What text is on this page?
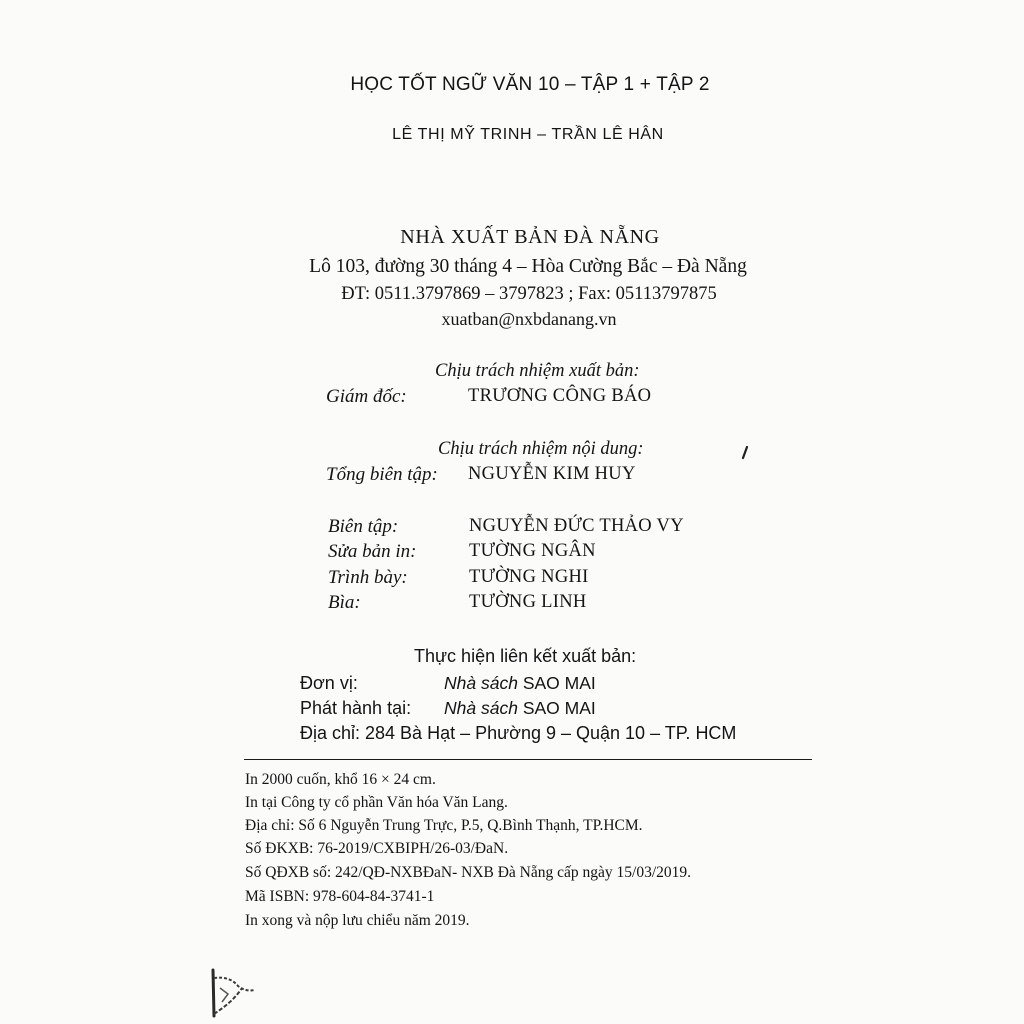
HỌC TỐT NGỮ VĂN 10 – TẬP 1 + TẬP 2
LÊ THỊ MỸ TRINH – TRẦN LÊ HÂN
NHÀ XUẤT BẢN ĐÀ NẴNG
Lô 103, đường 30 tháng 4 – Hòa Cường Bắc – Đà Nẵng
ĐT: 0511.3797869 – 3797823 ; Fax: 05113797875
xuatban@nxbdanang.vn
Chịu trách nhiệm xuất bản:
Giám đốc:	TRƯƠNG CÔNG BÁO
Chịu trách nhiệm nội dung:
Tổng biên tập: NGUYỄN KIM HUY
Biên tập:	NGUYỄN ĐỨC THẢO VY
Sửa bản in:	TƯỜNG NGÂN
Trình bày:	TƯỜNG NGHI
Bìa:	TƯỜNG LINH
Thực hiện liên kết xuất bản:
Đơn vị:	Nhà sách SAO MAI
Phát hành tại: Nhà sách SAO MAI
Địa chỉ: 284 Bà Hạt – Phường 9 – Quận 10 – TP. HCM
In 2000 cuốn, khổ 16 × 24 cm.
In tại Công ty cổ phần Văn hóa Văn Lang.
Địa chỉ: Số 6 Nguyễn Trung Trực, P.5, Q.Bình Thạnh, TP.HCM.
Số ĐKXB: 76-2019/CXBIPH/26-03/ĐaN.
Số QĐXB số: 242/QĐ-NXBĐaN- NXB Đà Nẵng cấp ngày 15/03/2019.
Mã ISBN: 978-604-84-3741-1
In xong và nộp lưu chiểu năm 2019.
